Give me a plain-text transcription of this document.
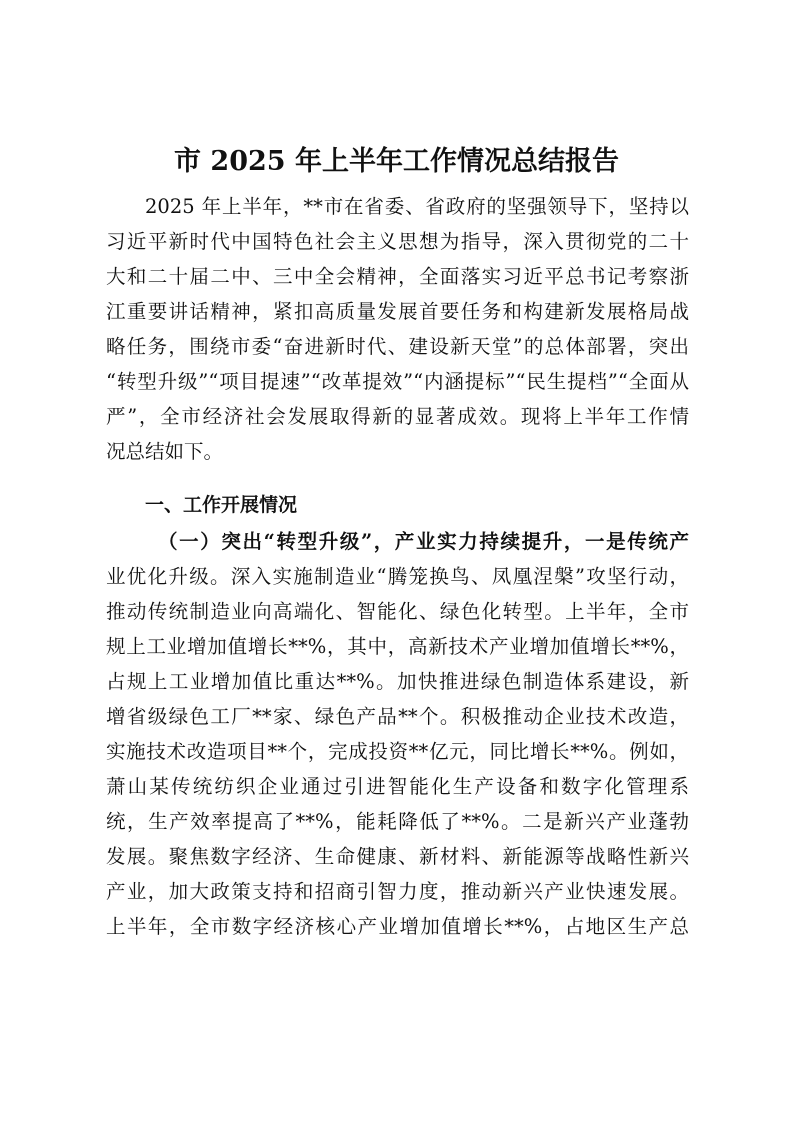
市 2025 年上半年工作情况总结报告
2025 年上半年，**市在省委、省政府的坚强领导下，坚持以
习近平新时代中国特色社会主义思想为指导，深入贯彻党的二十
大和二十届二中、三中全会精神，全面落实习近平总书记考察浙
江重要讲话精神，紧扣高质量发展首要任务和构建新发展格局战
略任务，围绕市委“奋进新时代、建设新天堂”的总体部署，突出
“转型升级”“项目提速”“改革提效”“内涵提标”“民生提档”“全面从
严”，全市经济社会发展取得新的显著成效。现将上半年工作情
况总结如下。
一、工作开展情况
（一）突出“转型升级”，产业实力持续提升，一是传统产
业优化升级。深入实施制造业“腾笼换鸟、凤凰涅槃”攻坚行动，
推动传统制造业向高端化、智能化、绿色化转型。上半年，全市
规上工业增加值增长**%，其中，高新技术产业增加值增长**%，
占规上工业增加值比重达**%。加快推进绿色制造体系建设，新
增省级绿色工厂**家、绿色产品**个。积极推动企业技术改造，
实施技术改造项目**个，完成投资**亿元，同比增长**%。例如，
萧山某传统纺织企业通过引进智能化生产设备和数字化管理系
统，生产效率提高了**%，能耗降低了**%。二是新兴产业蓬勃
发展。聚焦数字经济、生命健康、新材料、新能源等战略性新兴
产业，加大政策支持和招商引智力度，推动新兴产业快速发展。
上半年，全市数字经济核心产业增加值增长**%，占地区生产总
